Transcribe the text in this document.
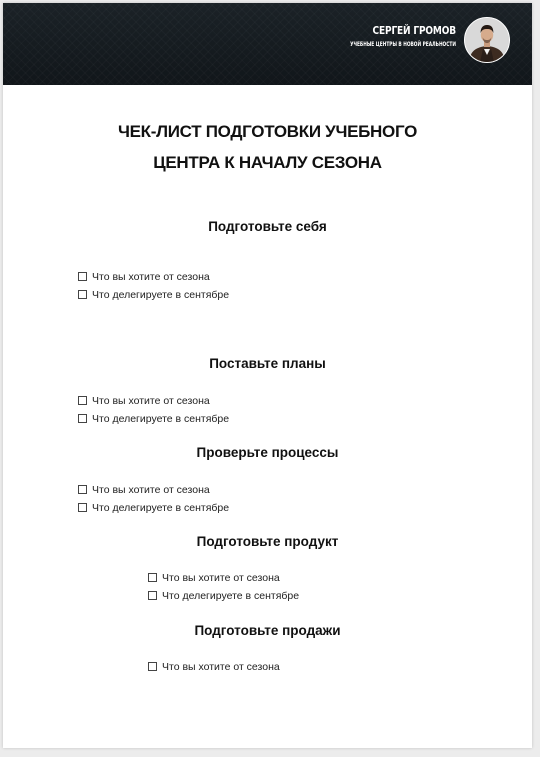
СЕРГЕЙ ГРОМОВ
УЧЕБНЫЕ ЦЕНТРЫ В НОВОЙ РЕАЛЬНОСТИ
ЧЕК-ЛИСТ ПОДГОТОВКИ УЧЕБНОГО
ЦЕНТРА К НАЧАЛУ СЕЗОНА
Подготовьте себя
Что вы хотите от сезона
Что делегируете в сентябре
Поставьте планы
Что вы хотите от сезона
Что делегируете в сентябре
Проверьте процессы
Что вы хотите от сезона
Что делегируете в сентябре
Подготовьте продукт
Что вы хотите от сезона
Что делегируете в сентябре
Подготовьте продажи
Что вы хотите от сезона
